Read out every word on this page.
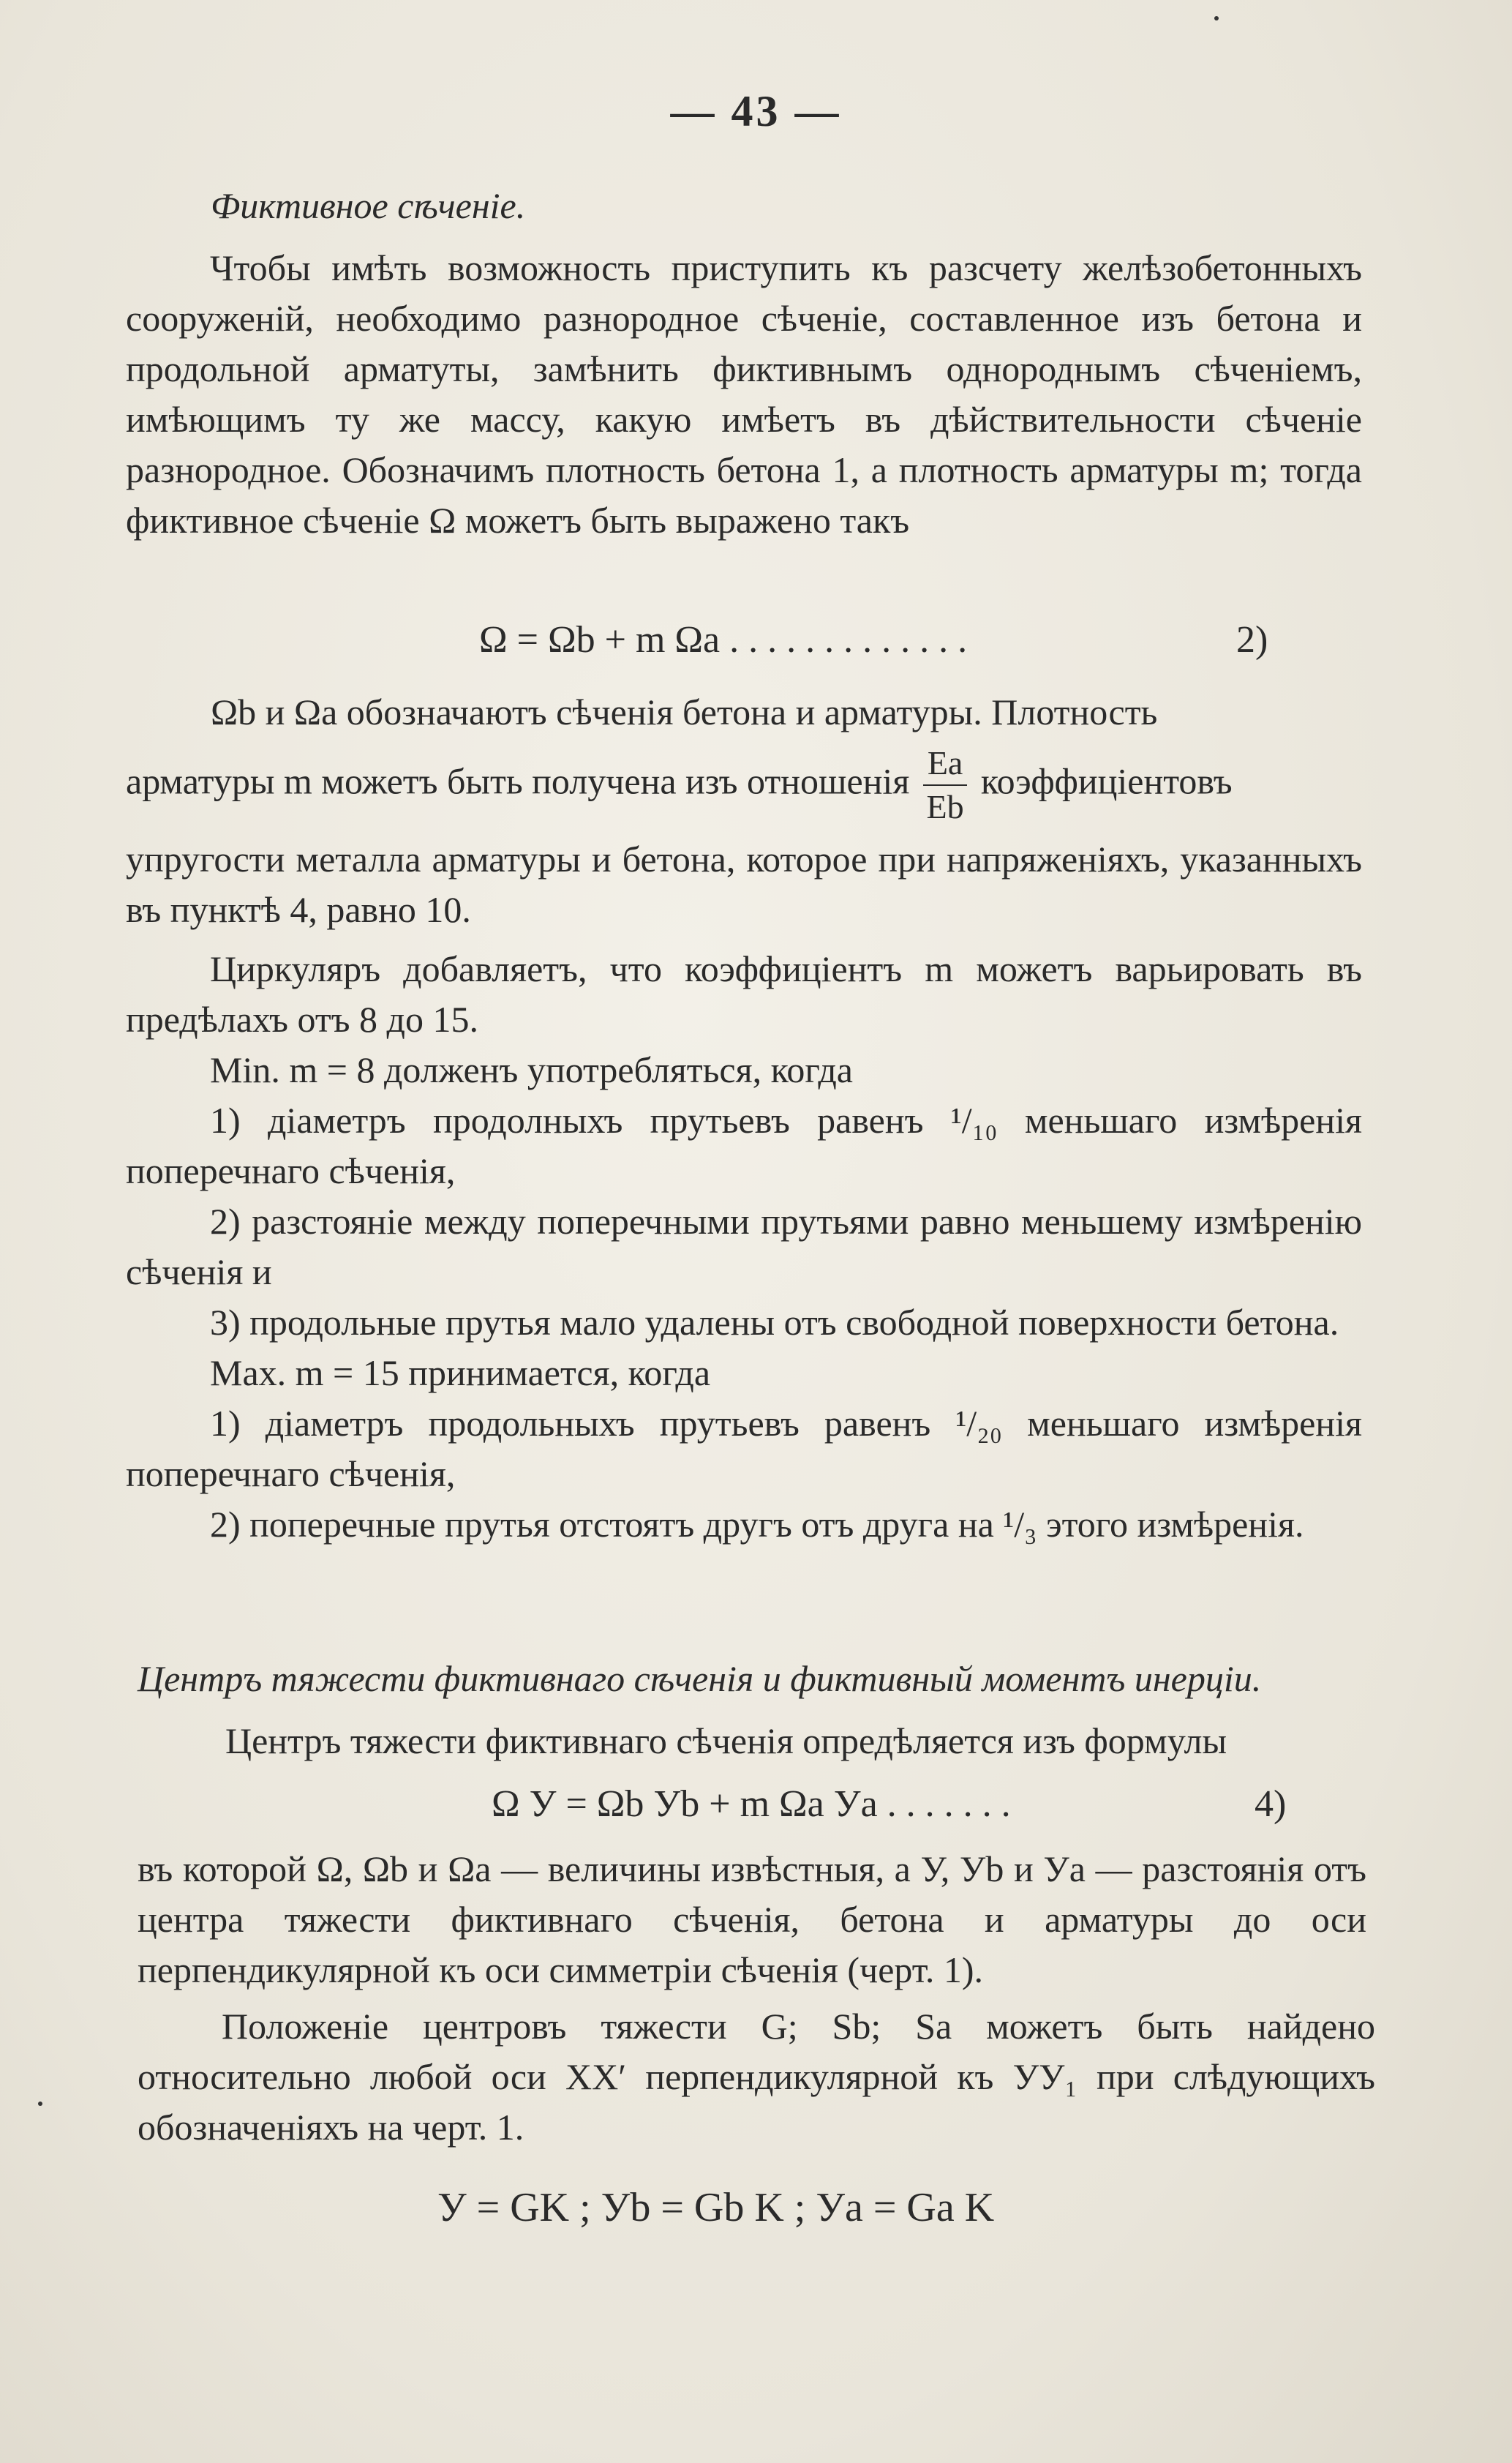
— 43 —
Фиктивное сѣченіе.

Чтобы имѣть возможность приступить къ разсчету желѣзобетонныхъ сооруженій, необходимо разнородное сѣченіе, составленное изъ бетона и продольной арматуты, замѣнить фиктивнымъ однороднымъ сѣченіемъ, имѣющимъ ту же массу, какую имѣетъ въ дѣйствительности сѣченіе разнородное. Обозначимъ плотность бетона 1, а плотность арматуры m; тогда фиктивное сѣченіе Ω можетъ быть выражено такъ

Ω = Ωb + m Ωa . . . . . . . . . . . . .	2)
Ωb и Ωa обозначаютъ сѣченія бетона и арматуры. Плотность
арматуры m можетъ быть получена изъ отношенія $\frac{Ea}{Eb}$ коэффиціентовъ

упругости металла арматуры и бетона, которое при напряженіяхъ, указанныхъ въ пунктѣ 4, равно 10.

Циркуляръ добавляетъ, что коэффиціентъ m можетъ варьировать въ предѣлахъ отъ 8 до 15.

Min. m = 8 долженъ употребляться, когда

1) діаметръ продолныхъ прутьевъ равенъ ¹/₁₀ меньшаго измѣренія поперечнаго сѣченія,

2) разстояніе между поперечными прутьями равно меньшему измѣренію сѣченія и

3) продольные прутья мало удалены отъ свободной поверхности бетона.

Max. m = 15 принимается, когда

1) діаметръ продольныхъ прутьевъ равенъ ¹/₂₀ меньшаго измѣренія поперечнаго сѣченія,

2) поперечные прутья отстоятъ другъ отъ друга на ¹/₃ этого измѣренія.

Центръ тяжести фиктивнаго сѣченія и фиктивный моментъ инерціи.
Центръ тяжести фиктивнаго сѣченія опредѣляется изъ формулы
Ω У = Ωb Уb + m Ωa Уa . . . . . . .	4)

въ которой Ω, Ωb и Ωa — величины извѣстныя, а У, Уb и Уa — разстоянія отъ центра тяжести фиктивнаго сѣченія, бетона и арматуры до оси перпендикулярной къ оси симметріи сѣченія (черт. 1).

Положеніе центровъ тяжести G; Sb; Sa можетъ быть найдено относительно любой оси XX′ перпендикулярной къ УУ₁ при слѣдующихъ обозначеніяхъ на черт. 1.

У = GK ; Уb = Gb K ; Уa = Ga K
